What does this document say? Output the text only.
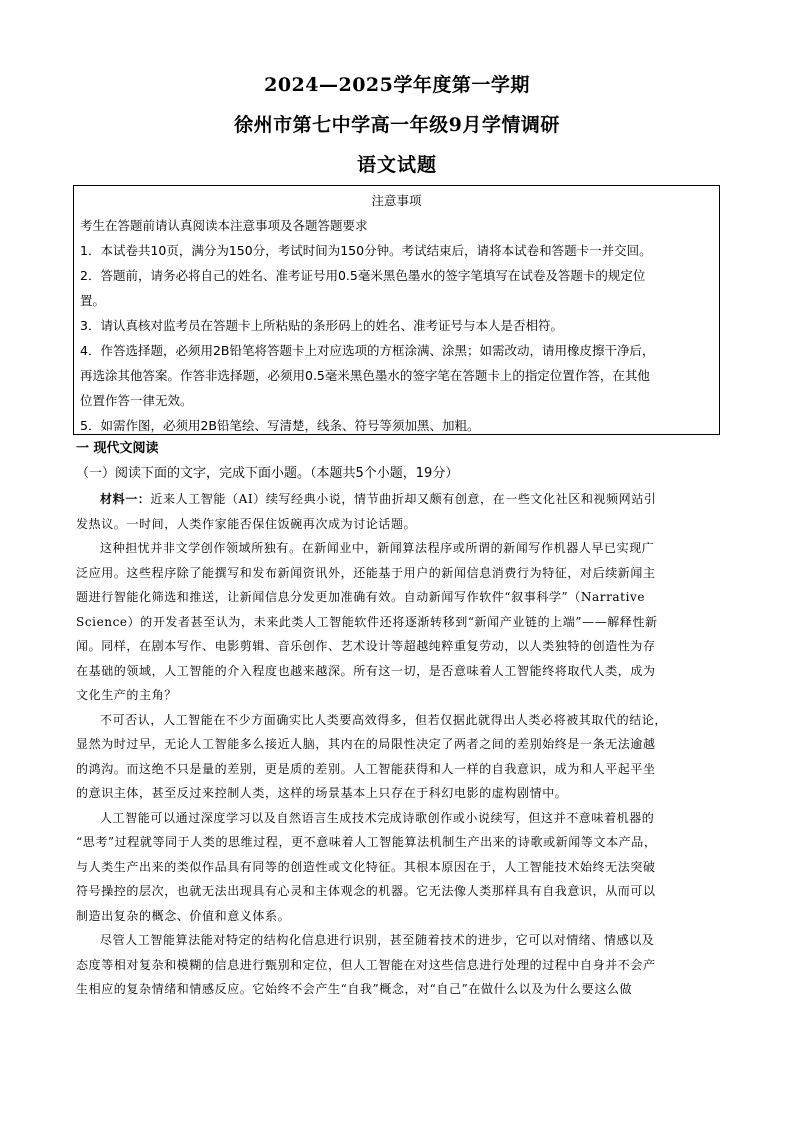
2024—2025学年度第一学期
徐州市第七中学高一年级9月学情调研
语文试题
注意事项
考生在答题前请认真阅读本注意事项及各题答题要求
1．本试卷共10页，满分为150分，考试时间为150分钟。考试结束后，请将本试卷和答题卡一并交回。
2．答题前，请务必将自己的姓名、准考证号用0.5毫米黑色墨水的签字笔填写在试卷及答题卡的规定位
置。
3．请认真核对监考员在答题卡上所粘贴的条形码上的姓名、准考证号与本人是否相符。
4．作答选择题，必须用2B铅笔将答题卡上对应选项的方框涂满、涂黑；如需改动，请用橡皮擦干净后，
再选涂其他答案。作答非选择题，必须用0.5毫米黑色墨水的签字笔在答题卡上的指定位置作答，在其他
位置作答一律无效。
5．如需作图，必须用2B铅笔绘、写清楚，线条、符号等须加黑、加粗。
一 现代文阅读
（一）阅读下面的文字，完成下面小题。（本题共5个小题，19分）
材料一：近来人工智能（AI）续写经典小说，情节曲折却又颇有创意，在一些文化社区和视频网站引
发热议。一时间，人类作家能否保住饭碗再次成为讨论话题。
这种担忧并非文学创作领域所独有。在新闻业中，新闻算法程序或所谓的新闻写作机器人早已实现广
泛应用。这些程序除了能撰写和发布新闻资讯外，还能基于用户的新闻信息消费行为特征，对后续新闻主
题进行智能化筛选和推送，让新闻信息分发更加准确有效。自动新闻写作软件“叙事科学”（Narrative
Science）的开发者甚至认为，未来此类人工智能软件还将逐渐转移到“新闻产业链的上端”——解释性新
闻。同样，在剧本写作、电影剪辑、音乐创作、艺术设计等超越纯粹重复劳动，以人类独特的创造性为存
在基础的领域，人工智能的介入程度也越来越深。所有这一切，是否意味着人工智能终将取代人类，成为
文化生产的主角？
不可否认，人工智能在不少方面确实比人类要高效得多，但若仅据此就得出人类必将被其取代的结论，
显然为时过早，无论人工智能多么接近人脑，其内在的局限性决定了两者之间的差别始终是一条无法逾越
的鸿沟。而这绝不只是量的差别，更是质的差别。人工智能获得和人一样的自我意识，成为和人平起平坐
的意识主体，甚至反过来控制人类，这样的场景基本上只存在于科幻电影的虚构剧情中。
人工智能可以通过深度学习以及自然语言生成技术完成诗歌创作或小说续写，但这并不意味着机器的
“思考”过程就等同于人类的思维过程，更不意味着人工智能算法机制生产出来的诗歌或新闻等文本产品，
与人类生产出来的类似作品具有同等的创造性或文化特征。其根本原因在于，人工智能技术始终无法突破
符号操控的层次，也就无法出现具有心灵和主体观念的机器。它无法像人类那样具有自我意识，从而可以
制造出复杂的概念、价值和意义体系。
尽管人工智能算法能对特定的结构化信息进行识别，甚至随着技术的进步，它可以对情绪、情感以及
态度等相对复杂和模糊的信息进行甄别和定位，但人工智能在对这些信息进行处理的过程中自身并不会产
生相应的复杂情绪和情感反应。它始终不会产生“自我”概念，对“自己”在做什么以及为什么要这么做
